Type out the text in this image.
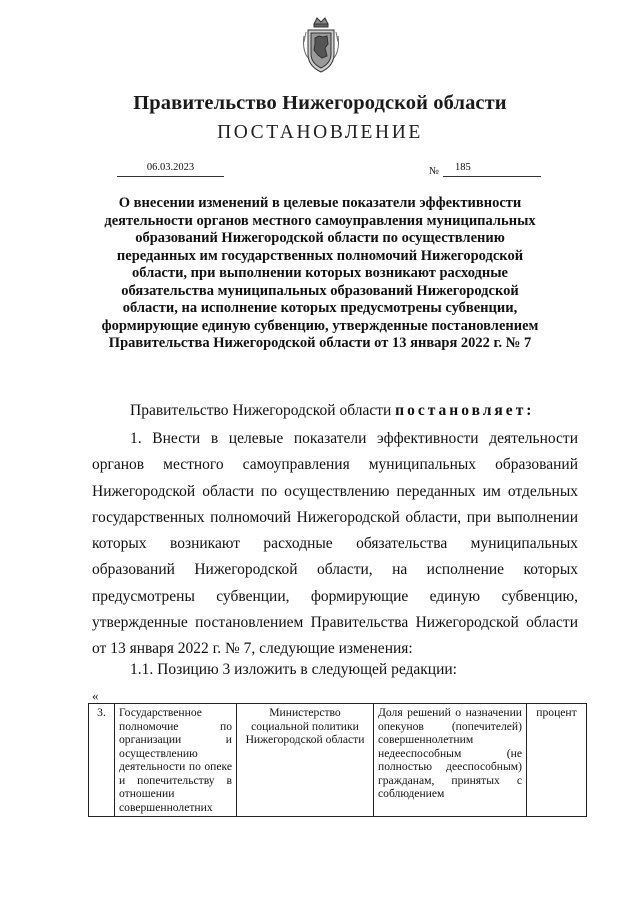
Правительство Нижегородской области
ПОСТАНОВЛЕНИЕ
06.03.2023	№	185
О внесении изменений в целевые показатели эффективности деятельности органов местного самоуправления муниципальных образований Нижегородской области по осуществлению переданных им государственных полномочий Нижегородской области, при выполнении которых возникают расходные обязательства муниципальных образований Нижегородской области, на исполнение которых предусмотрены субвенции, формирующие единую субвенцию, утвержденные постановлением Правительства Нижегородской области от 13 января 2022 г. № 7
Правительство Нижегородской области постановляет:

1. Внести в целевые показатели эффективности деятельности органов местного самоуправления муниципальных образований Нижегородской области по осуществлению переданных им отдельных государственных полномочий Нижегородской области, при выполнении которых возникают расходные обязательства муниципальных образований Нижегородской области, на исполнение которых предусмотрены субвенции, формирующие единую субвенцию, утвержденные постановлением Правительства Нижегородской области от 13 января 2022 г. № 7, следующие изменения:

1.1. Позицию 3 изложить в следующей редакции:
«
3.	Государственное полномочие по организации и осуществлению деятельности по опеке и попечительству в отношении совершеннолетних	Министерство социальной политики Нижегородской области	Доля решений о назначении опекунов (попечителей) совершеннолетним недееспособным (не полностью дееспособным) гражданам, принятых с соблюдением	процент
